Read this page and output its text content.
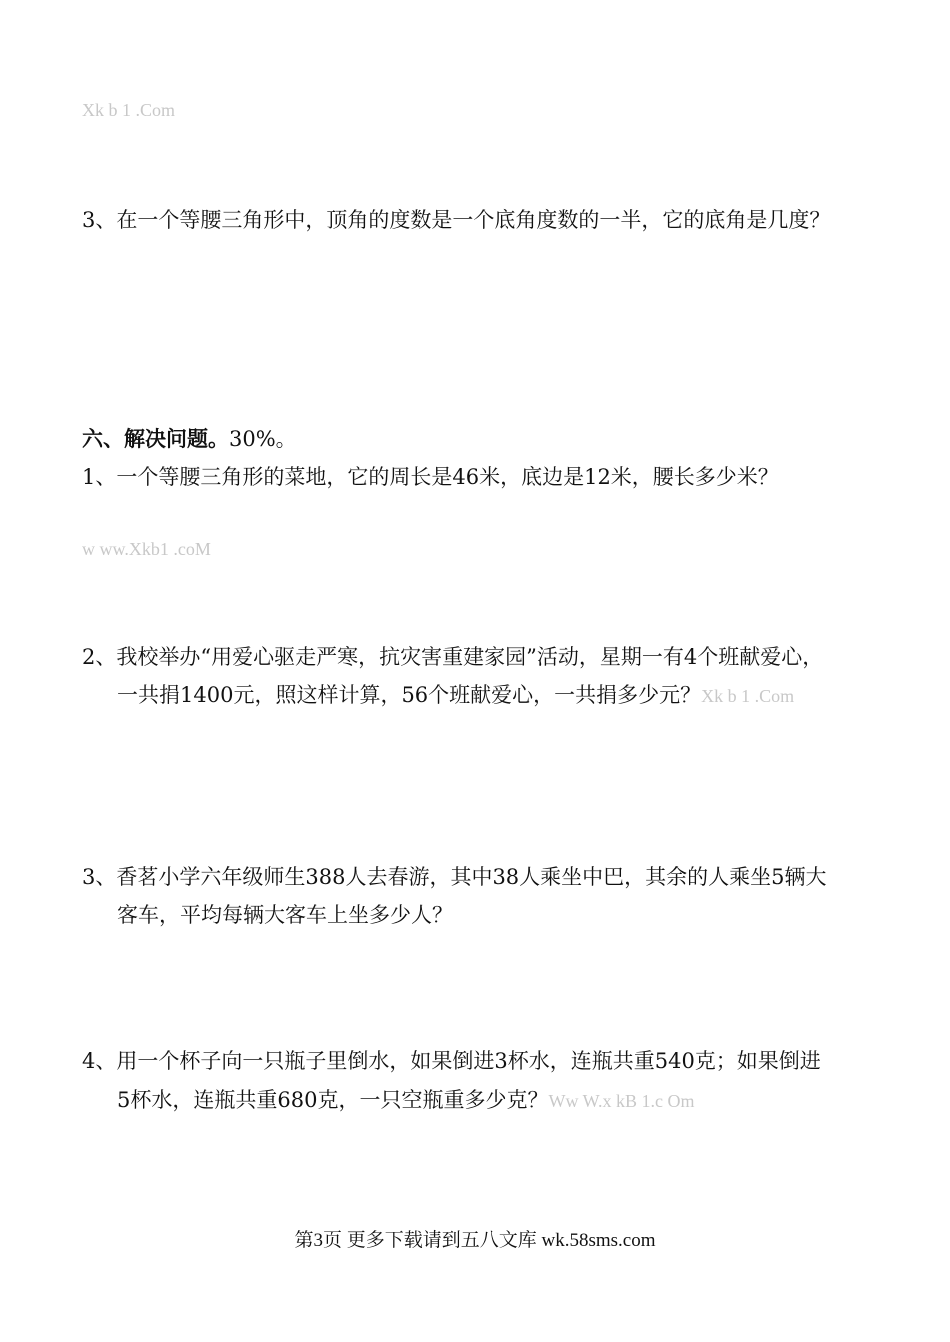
Xk b 1 .Com
3、在一个等腰三角形中，顶角的度数是一个底角度数的一半，它的底角是几度？
六、解决问题。30%。
1、一个等腰三角形的菜地，它的周长是46米，底边是12米，腰长多少米？
w ww.Xkb1 .coM
2、我校举办“用爱心驱走严寒，抗灾害重建家园”活动，星期一有4个班献爱心，
一共捐1400元，照这样计算，56个班献爱心，一共捐多少元？Xk b 1 .Com
3、香茗小学六年级师生388人去春游，其中38人乘坐中巴，其余的人乘坐5辆大
客车，平均每辆大客车上坐多少人？
4、用一个杯子向一只瓶子里倒水，如果倒进3杯水，连瓶共重540克；如果倒进
5杯水，连瓶共重680克，一只空瓶重多少克？Ww W.x kB 1.c Om
第3页 更多下载请到五八文库 wk.58sms.com
